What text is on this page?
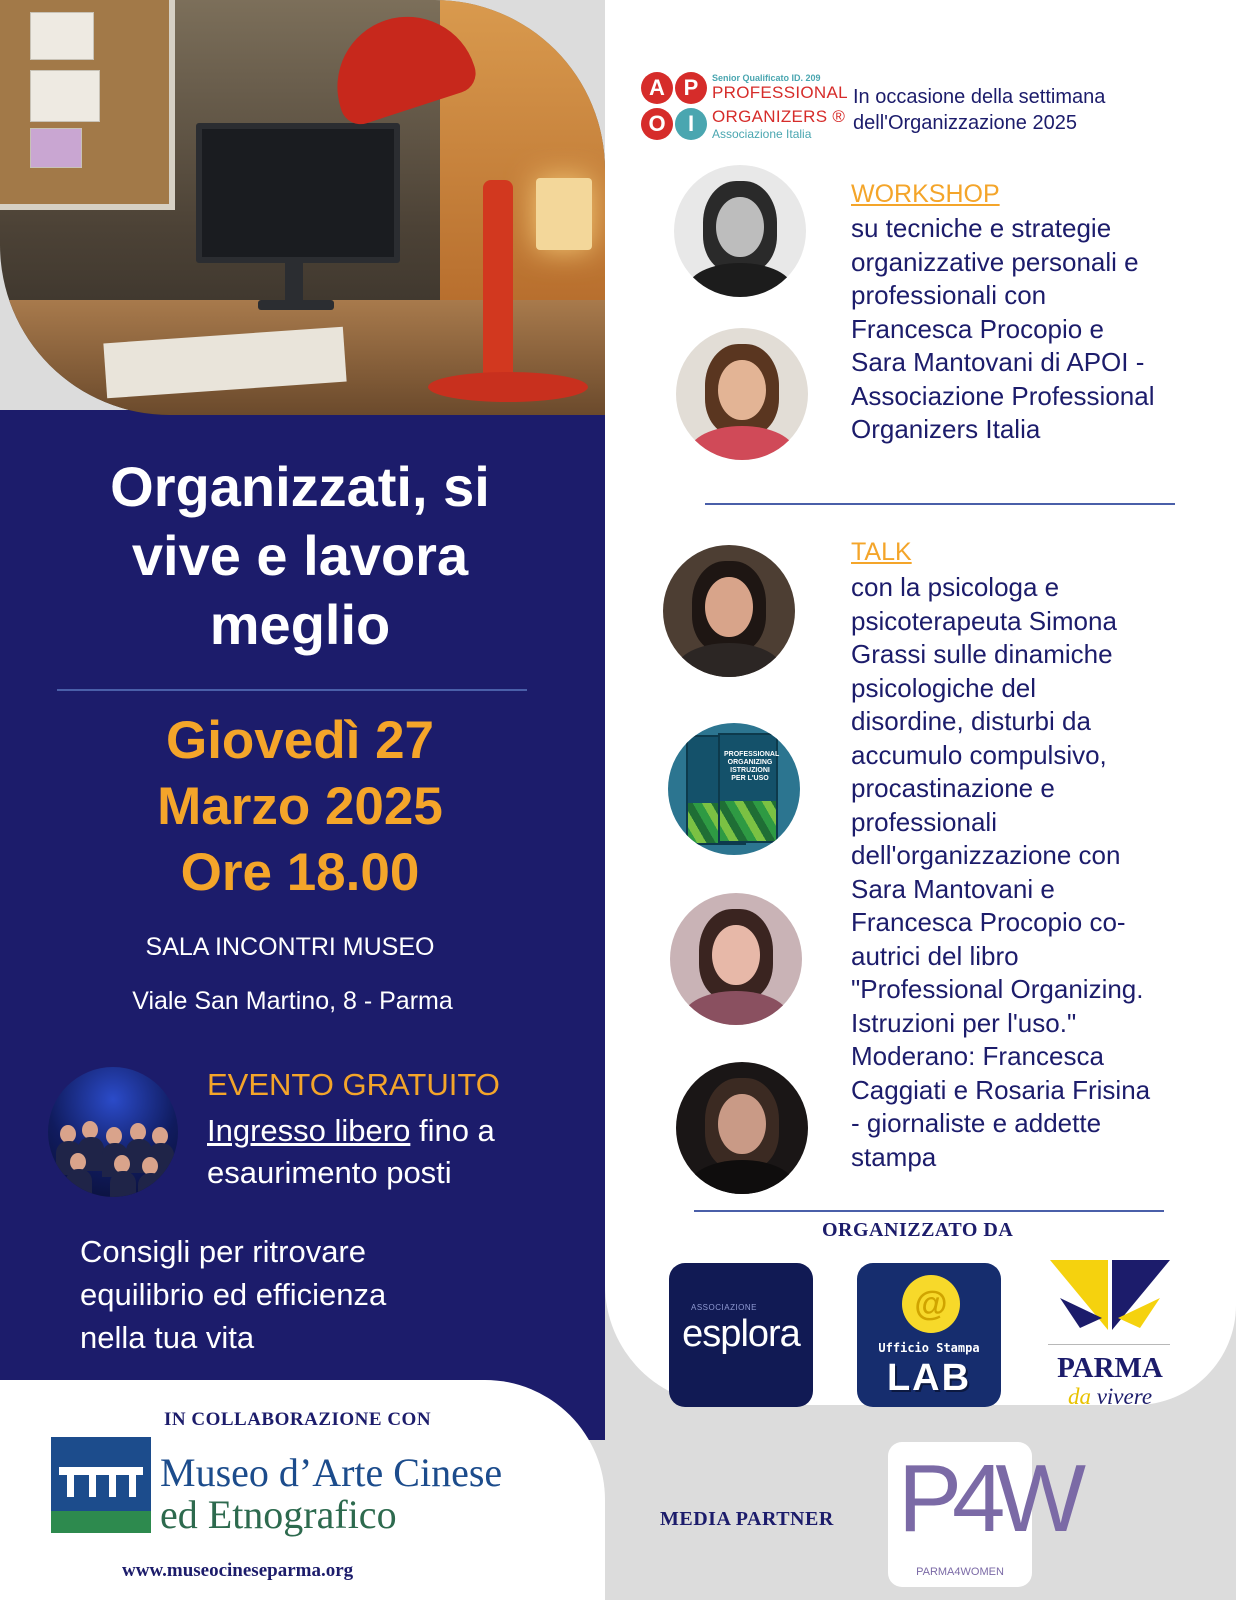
Organizzati, si
vive e lavora
meglio
Giovedì 27
Marzo 2025
Ore 18.00
SALA INCONTRI MUSEO
Viale San Martino, 8 - Parma
EVENTO GRATUITO
Ingresso libero fino a
esaurimento posti
Consigli per ritrovare
equilibrio ed efficienza
nella tua vita
IN COLLABORAZIONE CON
Museo d’Arte Cinese
ed Etnografico
www.museocineseparma.org
A P
O	I
Senior Qualificato ID. 209
PROFESSIONAL
ORGANIZERS ®
Associazione Italia
In occasione della settimana dell'Organizzazione 2025
PROFESSIONAL ORGANIZING ISTRUZIONI PER L'USO
WORKSHOP
su tecniche e strategie
organizzative personali e
professionali con
Francesca Procopio e
Sara Mantovani di APOI -
Associazione Professional
Organizers Italia
TALK
con la psicologa e
psicoterapeuta Simona
Grassi sulle dinamiche
psicologiche del
disordine, disturbi da
accumulo compulsivo,
procastinazione e
professionali
dell'organizzazione con
Sara Mantovani e
Francesca Procopio co-
autrici del libro
"Professional Organizing.
Istruzioni per l'uso."
Moderano: Francesca
Caggiati e Rosaria Frisina
- giornaliste e addette
stampa
ORGANIZZATO DA
ASSOCIAZIONE
esplora
@
Ufficio Stampa
LAB	PARMA
da vivere
MEDIA PARTNER P4W
PARMA4WOMEN
